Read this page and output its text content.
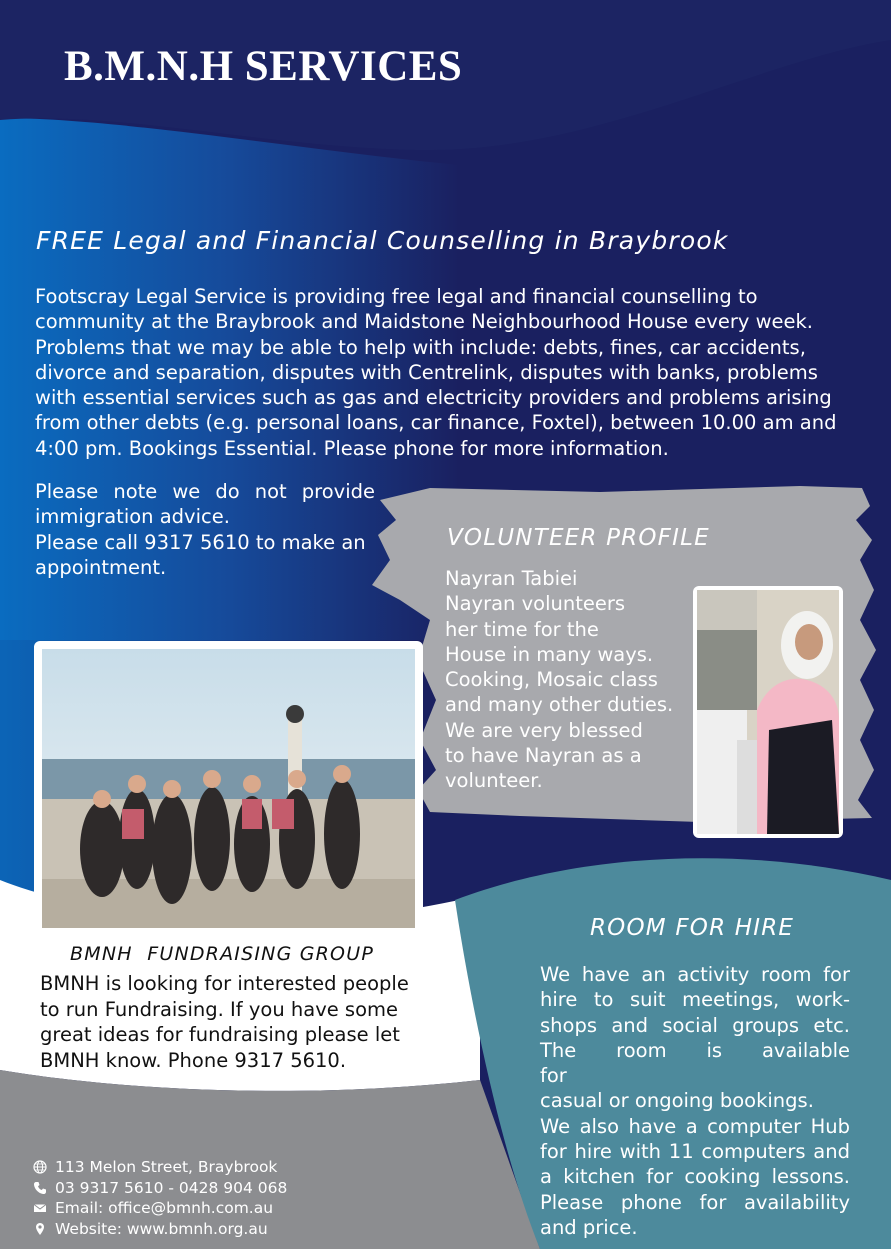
B.M.N.H SERVICES
FREE Legal and Financial Counselling in Braybrook
Footscray Legal Service is providing free legal and financial counselling to
community at the Braybrook and Maidstone Neighbourhood House every week.
Problems that we may be able to help with include: debts, fines, car accidents,
divorce and separation, disputes with Centrelink, disputes with banks, problems
with essential services such as gas and electricity providers and problems arising
from other debts (e.g. personal loans, car finance, Foxtel), between 10.00 am and
4:00 pm. Bookings Essential. Please phone for more information.
Please note we do not provide
immigration advice.
Please call 9317 5610 to make an
appointment.
VOLUNTEER PROFILE
Nayran Tabiei
Nayran volunteers
her time for the
House in many ways.
Cooking, Mosaic class
and many other duties.
We are very blessed
to have Nayran as a
volunteer.
BMNH  FUNDRAISING GROUP
BMNH is looking for interested people
to run Fundraising. If you have some
great ideas for fundraising please let
BMNH know. Phone 9317 5610.
ROOM FOR HIRE
We have an activity room for
hire to suit meetings, work-
shops and social groups etc.
The room is available for
casual or ongoing bookings.
We also have a computer Hub
for hire with 11 computers and
a kitchen for cooking lessons.
Please phone for availability
and price.
113 Melon Street, Braybrook
03 9317 5610 - 0428 904 068
Email: office@bmnh.com.au
Website: www.bmnh.org.au
